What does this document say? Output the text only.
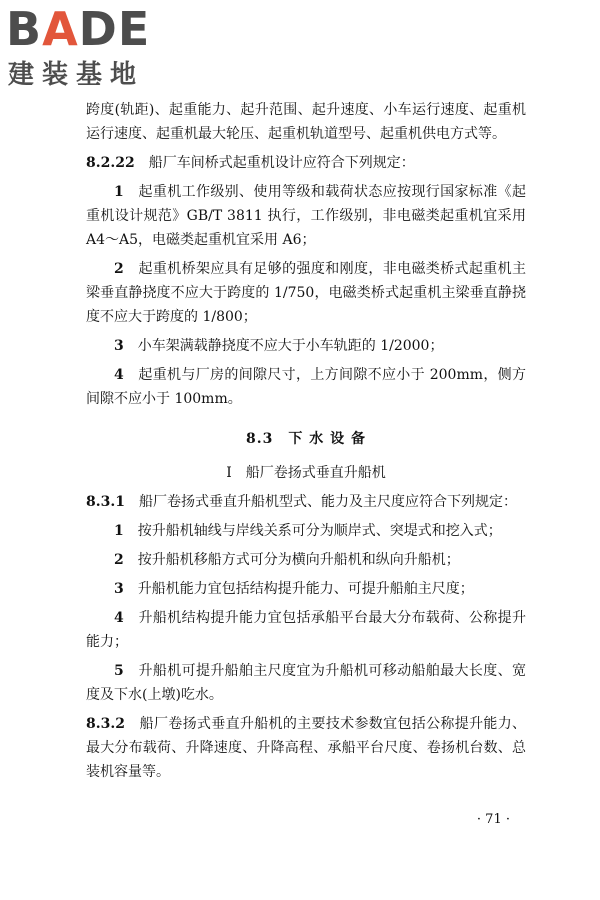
BADE
建装基地

跨度(轨距)、起重能力、起升范围、起升速度、小车运行速度、起重机运行速度、起重机最大轮压、起重机轨道型号、起重机供电方式等。

8.2.22　 船厂车间桥式起重机设计应符合下列规定：

1　 起重机工作级别、使用等级和载荷状态应按现行国家标准《起重机设计规范》GB/T 3811 执行，工作级别，非电磁类起重机宜采用 A4～A5，电磁类起重机宜采用 A6；

2　 起重机桥架应具有足够的强度和刚度，非电磁类桥式起重机主梁垂直静挠度不应大于跨度的 1/750，电磁类桥式起重机主梁垂直静挠度不应大于跨度的 1/800；

3　 小车架满载静挠度不应大于小车轨距的 1/2000；

4　 起重机与厂房的间隙尺寸，上方间隙不应小于 200mm，侧方间隙不应小于 100mm。

8.3　 下 水 设 备
Ⅰ　 船厂卷扬式垂直升船机

8.3.1　 船厂卷扬式垂直升船机型式、能力及主尺度应符合下列规定：

1　 按升船机轴线与岸线关系可分为顺岸式、突堤式和挖入式；

2　 按升船机移船方式可分为横向升船机和纵向升船机；

3　 升船机能力宜包括结构提升能力、可提升船舶主尺度；

4　 升船机结构提升能力宜包括承船平台最大分布载荷、公称提升能力；

5　 升船机可提升船舶主尺度宜为升船机可移动船舶最大长度、宽度及下水(上墩)吃水。

8.3.2　 船厂卷扬式垂直升船机的主要技术参数宜包括公称提升能力、最大分布载荷、升降速度、升降高程、承船平台尺度、卷扬机台数、总装机容量等。

· 71 ·
